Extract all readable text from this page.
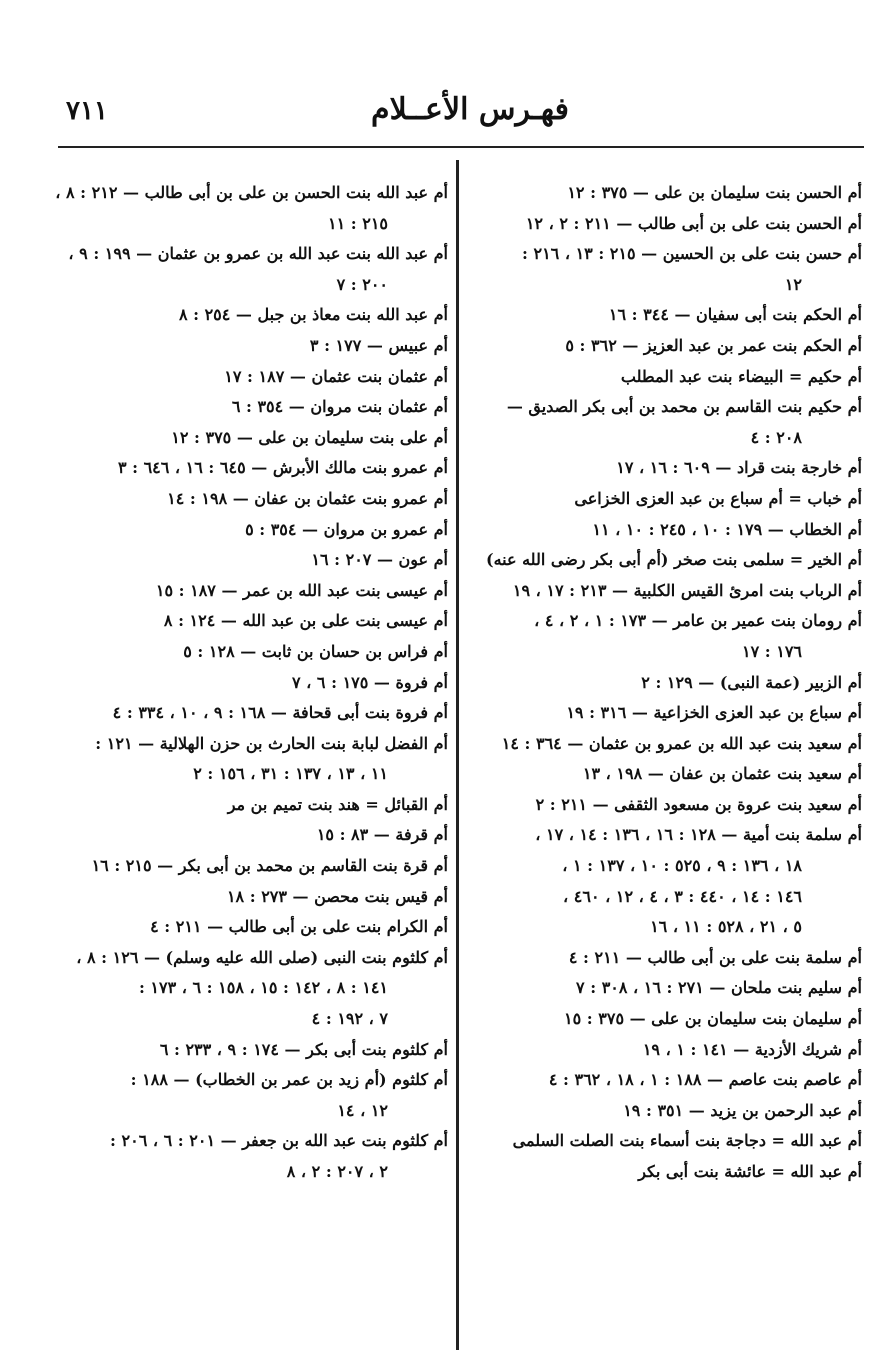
٧١١	فهـرس الأعــلام
أم الحسن بنت سليمان بن على — ٣٧٥ : ١٢
أم الحسن بنت على بن أبى طالب — ٢١١ : ٢ ، ١٢
أم حسن بنت على بن الحسين — ٢١٥ : ١٣ ، ٢١٦ :
١٢
أم الحكم بنت أبى سفيان — ٣٤٤ : ١٦
أم الحكم بنت عمر بن عبد العزيز — ٣٦٢ : ٥
أم حكيم = البيضاء بنت عبد المطلب
أم حكيم بنت القاسم بن محمد بن أبى بكر الصديق —
٢٠٨ : ٤
أم خارجة بنت قراد — ٦٠٩ : ١٦ ، ١٧
أم خباب = أم سباع بن عبد العزى الخزاعى
أم الخطاب — ١٧٩ : ١٠ ، ٢٤٥ : ١٠ ، ١١
أم الخير = سلمى بنت صخر (أم أبى بكر رضى الله عنه)
أم الرباب بنت امرئ القيس الكلبية — ٢١٣ : ١٧ ، ١٩
أم رومان بنت عمير بن عامر — ١٧٣ : ١ ، ٢ ، ٤ ،
١٧٦ : ١٧
أم الزبير (عمة النبى) — ١٢٩ : ٢
أم سباع بن عبد العزى الخزاعية — ٣١٦ : ١٩
أم سعيد بنت عبد الله بن عمرو بن عثمان — ٣٦٤ : ١٤
أم سعيد بنت عثمان بن عفان — ١٩٨ ، ١٣
أم سعيد بنت عروة بن مسعود الثقفى — ٢١١ : ٢
أم سلمة بنت أمية — ١٢٨ : ١٦ ، ١٣٦ : ١٤ ، ١٧ ،
١٨ ، ١٣٦ : ٩ ، ٥٢٥ : ١٠ ، ١٣٧ : ١ ،
١٤٦ : ١٤ ، ٤٤٠ : ٣ ، ٤ ، ١٢ ، ٤٦٠ ،
٥ ، ٢١ ، ٥٢٨ : ١١ ، ١٦
أم سلمة بنت على بن أبى طالب — ٢١١ : ٤
أم سليم بنت ملحان — ٢٧١ : ١٦ ، ٣٠٨ : ٧
أم سليمان بنت سليمان بن على — ٣٧٥ : ١٥
أم شريك الأزدية — ١٤١ : ١ ، ١٩
أم عاصم بنت عاصم — ١٨٨ : ١ ، ١٨ ، ٣٦٢ : ٤
أم عبد الرحمن بن يزيد — ٣٥١ : ١٩
أم عبد الله = دجاجة بنت أسماء بنت الصلت السلمى
أم عبد الله = عائشة بنت أبى بكر
أم عبد الله بنت الحسن بن على بن أبى طالب — ٢١٢ : ٨ ،
٢١٥ : ١١
أم عبد الله بنت عبد الله بن عمرو بن عثمان — ١٩٩ : ٩ ،
٢٠٠ : ٧
أم عبد الله بنت معاذ بن جبل — ٢٥٤ : ٨
أم عبيس — ١٧٧ : ٣
أم عثمان بنت عثمان — ١٨٧ : ١٧
أم عثمان بنت مروان — ٣٥٤ : ٦
أم على بنت سليمان بن على — ٣٧٥ : ١٢
أم عمرو بنت مالك الأبرش — ٦٤٥ : ١٦ ، ٦٤٦ : ٣
أم عمرو بنت عثمان بن عفان — ١٩٨ : ١٤
أم عمرو بن مروان — ٣٥٤ : ٥
أم عون — ٢٠٧ : ١٦
أم عيسى بنت عبد الله بن عمر — ١٨٧ : ١٥
أم عيسى بنت على بن عبد الله — ١٢٤ : ٨
أم فراس بن حسان بن ثابت — ١٢٨ : ٥
أم فروة — ١٧٥ : ٦ ، ٧
أم فروة بنت أبى قحافة — ١٦٨ : ٩ ، ١٠ ، ٣٣٤ : ٤
أم الفضل لبابة بنت الحارث بن حزن الهلالية — ١٢١ :
١١ ، ١٣ ، ١٣٧ : ٣١ ، ١٥٦ : ٢
أم القبائل = هند بنت تميم بن مر
أم قرفة — ٨٣ : ١٥
أم قرة بنت القاسم بن محمد بن أبى بكر — ٢١٥ : ١٦
أم قيس بنت محصن — ٢٧٣ : ١٨
أم الكرام بنت على بن أبى طالب — ٢١١ : ٤
أم كلثوم بنت النبى (صلى الله عليه وسلم) — ١٢٦ : ٨ ،
١٤١ : ٨ ، ١٤٢ : ١٥ ، ١٥٨ : ٦ ، ١٧٣ :
٧ ، ١٩٢ : ٤
أم كلثوم بنت أبى بكر — ١٧٤ : ٩ ، ٢٣٣ : ٦
أم كلثوم (أم زيد بن عمر بن الخطاب) — ١٨٨ :
١٢ ، ١٤
أم كلثوم بنت عبد الله بن جعفر — ٢٠١ : ٦ ، ٢٠٦ :
٢ ، ٢٠٧ : ٢ ، ٨
